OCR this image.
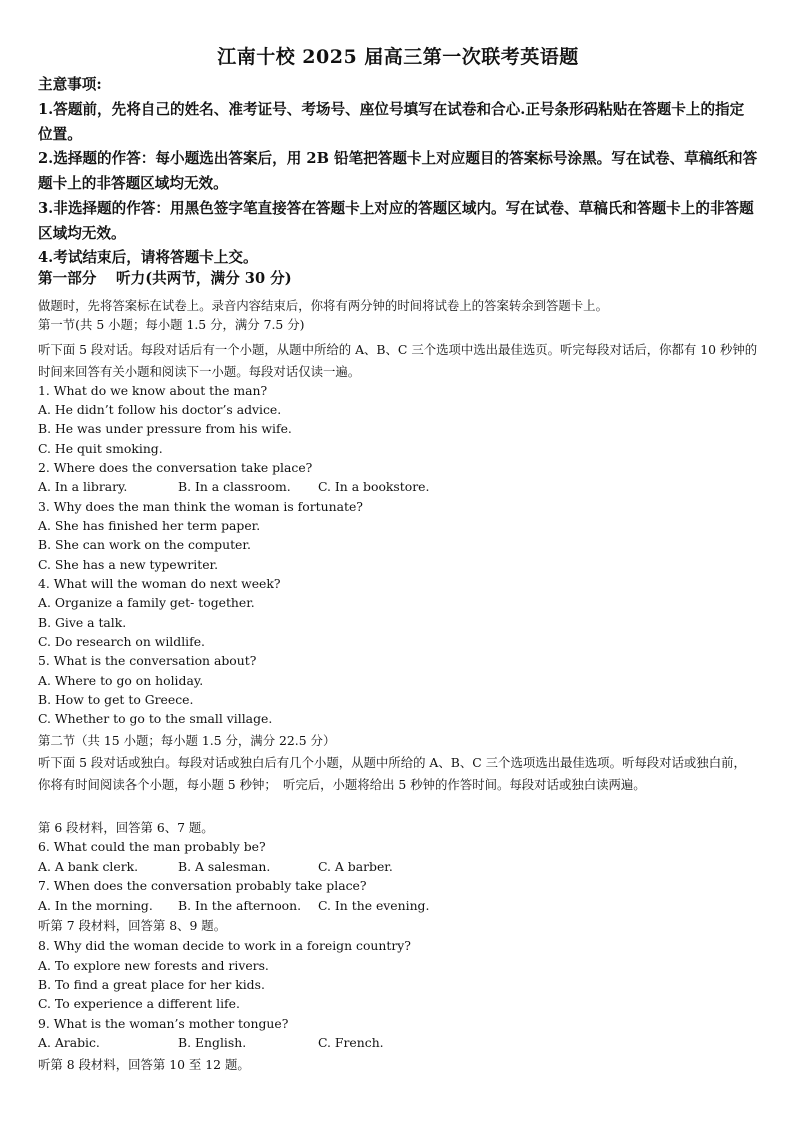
江南十校 2025 届高三第一次联考英语题
主意事项:
1.答题前，先将自己的姓名、准考证号、考场号、座位号填写在试卷和合心.正号条形码粘贴在答题卡上的指定位置。
2.选择题的作答：每小题选出答案后，用 2B 铅笔把答题卡上对应题目的答案标号涂黑。写在试卷、草稿纸和答题卡上的非答题区域均无效。
3.非选择题的作答：用黑色签字笔直接答在答题卡上对应的答题区域内。写在试卷、草稿氏和答题卡上的非答题区域均无效。
4.考试结束后，请将答题卡上交。
第一部分　 听力(共两节，满分 30 分)
做题时，先将答案标在试卷上。录音内容结束后，你将有两分钟的时间将试卷上的答案转余到答题卡上。
第一节(共 5 小题；每小题 1.5 分，满分 7.5 分)
听下面 5 段对话。每段对话后有一个小题，从题中所给的 A、B、C 三个选项中选出最佳选页。听完每段对话后，你都有 10 秒钟的时间来回答有关小题和阅读下一小题。每段对话仅读一遍。
1. What do we know about the man?
A. He didn’t follow his doctor’s advice.
B. He was under pressure from his wife.
C. He quit smoking.
2. Where does the conversation take place?
A. In a library.	B. In a classroom.	C. In a bookstore.
3. Why does the man think the woman is fortunate?
A. She has finished her term paper.
B. She can work on the computer.
C. She has a new typewriter.
4. What will the woman do next week?
A. Organize a family get- together.
B. Give a talk.
C. Do research on wildlife.
5. What is the conversation about?
A. Where to go on holiday.
B. How to get to Greece.
C. Whether to go to the small village.
第二节（共 15 小题；每小题 1.5 分，满分 22.5 分）
听下面 5 段对话或独白。每段对话或独白后有几个小题，从题中所给的 A、B、C 三个选项选出最佳选项。听每段对话或独白前，你将有时间阅读各个小题，每小题 5 秒钟；　听完后，小题将给出 5 秒钟的作答时间。每段对话或独白读两遍。
第 6 段材料，回答第 6、7 题。
6. What could the man probably be?
A. A bank clerk.	B. A salesman.	C. A barber.
7. When does the conversation probably take place?
A. In the morning.	B. In the afternoon.	C. In the evening.
听第 7 段材料，回答第 8、9 题。
8. Why did the woman decide to work in a foreign country?
A. To explore new forests and rivers.
B. To find a great place for her kids.
C. To experience a different life.
9. What is the woman’s mother tongue?
A. Arabic.	B. English.	C. French.
听第 8 段材料，回答第 10 至 12 题。
